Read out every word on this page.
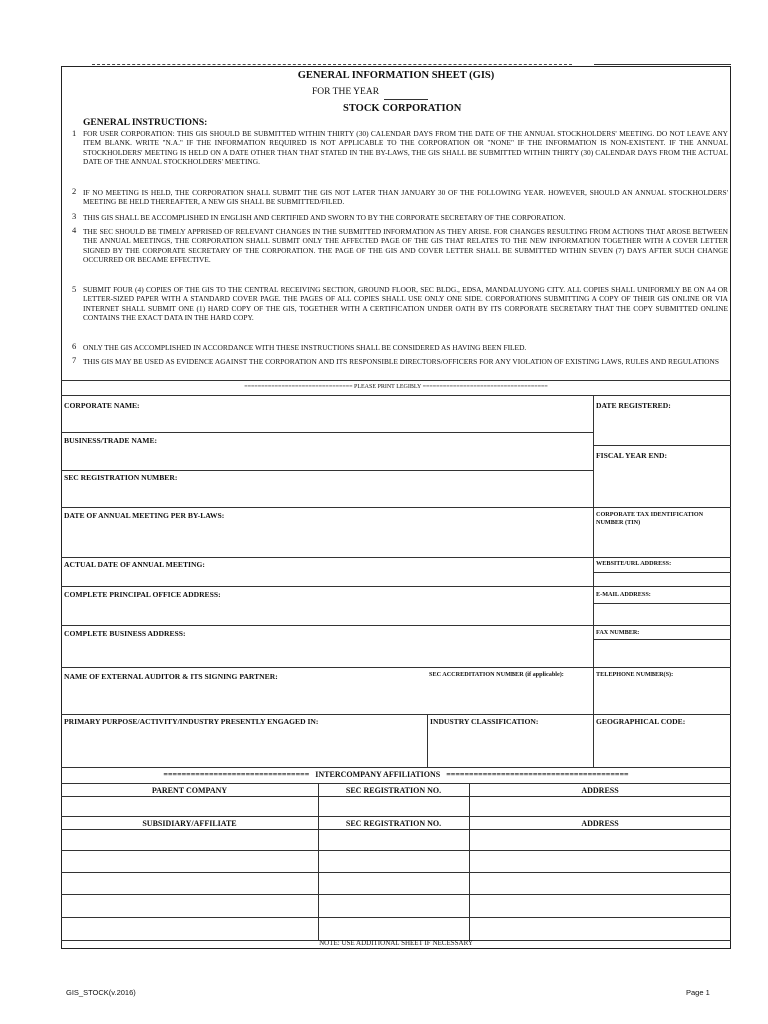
GENERAL INFORMATION SHEET (GIS)
FOR THE YEAR
STOCK CORPORATION
GENERAL INSTRUCTIONS:
1 FOR USER CORPORATION: THIS GIS SHOULD BE SUBMITTED WITHIN THIRTY (30) CALENDAR DAYS FROM THE DATE OF THE ANNUAL STOCKHOLDERS' MEETING. DO NOT LEAVE ANY ITEM BLANK. WRITE "N.A." IF THE INFORMATION REQUIRED IS NOT APPLICABLE TO THE CORPORATION OR "NONE" IF THE INFORMATION IS NON-EXISTENT. IF THE ANNUAL STOCKHOLDERS' MEETING IS HELD ON A DATE OTHER THAN THAT STATED IN THE BY-LAWS, THE GIS SHALL BE SUBMITTED WITHIN THIRTY (30) CALENDAR DAYS FROM THE ACTUAL DATE OF THE ANNUAL STOCKHOLDERS' MEETING.
2 IF NO MEETING IS HELD, THE CORPORATION SHALL SUBMIT THE GIS NOT LATER THAN JANUARY 30 OF THE FOLLOWING YEAR. HOWEVER, SHOULD AN ANNUAL STOCKHOLDERS' MEETING BE HELD THEREAFTER, A NEW GIS SHALL BE SUBMITTED/FILED.
3 THIS GIS SHALL BE ACCOMPLISHED IN ENGLISH AND CERTIFIED AND SWORN TO BY THE CORPORATE SECRETARY OF THE CORPORATION.
4 THE SEC SHOULD BE TIMELY APPRISED OF RELEVANT CHANGES IN THE SUBMITTED INFORMATION AS THEY ARISE. FOR CHANGES RESULTING FROM ACTIONS THAT AROSE BETWEEN THE ANNUAL MEETINGS, THE CORPORATION SHALL SUBMIT ONLY THE AFFECTED PAGE OF THE GIS THAT RELATES TO THE NEW INFORMATION TOGETHER WITH A COVER LETTER SIGNED BY THE CORPORATE SECRETARY OF THE CORPORATION. THE PAGE OF THE GIS AND COVER LETTER SHALL BE SUBMITTED WITHIN SEVEN (7) DAYS AFTER SUCH CHANGE OCCURRED OR BECAME EFFECTIVE.
5 SUBMIT FOUR (4) COPIES OF THE GIS TO THE CENTRAL RECEIVING SECTION, GROUND FLOOR, SEC BLDG., EDSA, MANDALUYONG CITY. ALL COPIES SHALL UNIFORMLY BE ON A4 OR LETTER-SIZED PAPER WITH A STANDARD COVER PAGE. THE PAGES OF ALL COPIES SHALL USE ONLY ONE SIDE. CORPORATIONS SUBMITTING A COPY OF THEIR GIS ONLINE OR VIA INTERNET SHALL SUBMIT ONE (1) HARD COPY OF THE GIS, TOGETHER WITH A CERTIFICATION UNDER OATH BY ITS CORPORATE SECRETARY THAT THE COPY SUBMITTED ONLINE CONTAINS THE EXACT DATA IN THE HARD COPY.
6 ONLY THE GIS ACCOMPLISHED IN ACCORDANCE WITH THESE INSTRUCTIONS SHALL BE CONSIDERED AS HAVING BEEN FILED.
7 THIS GIS MAY BE USED AS EVIDENCE AGAINST THE CORPORATION AND ITS RESPONSIBLE DIRECTORS/OFFICERS FOR ANY VIOLATION OF EXISTING LAWS, RULES AND REGULATIONS
================================ PLEASE PRINT LEGIBLY =====================================
CORPORATE NAME:	DATE REGISTERED:
BUSINESS/TRADE NAME:
FISCAL YEAR END:
SEC REGISTRATION NUMBER:
DATE OF ANNUAL MEETING PER BY-LAWS:	CORPORATE TAX IDENTIFICATION NUMBER (TIN)
ACTUAL DATE OF ANNUAL MEETING:	WEBSITE/URL ADDRESS:
COMPLETE PRINCIPAL OFFICE ADDRESS:	E-MAIL ADDRESS:
COMPLETE BUSINESS ADDRESS:	FAX NUMBER:
NAME OF EXTERNAL AUDITOR & ITS SIGNING PARTNER:	SEC ACCREDITATION NUMBER (if applicable):	TELEPHONE NUMBER(S):
PRIMARY PURPOSE/ACTIVITY/INDUSTRY PRESENTLY ENGAGED IN:	INDUSTRY CLASSIFICATION:	GEOGRAPHICAL CODE:
================================ INTERCOMPANY AFFILIATIONS ========================================
PARENT COMPANY	SEC REGISTRATION NO.	ADDRESS
SUBSIDIARY/AFFILIATE	SEC REGISTRATION NO.	ADDRESS
NOTE: USE ADDITIONAL SHEET IF NECESSARY
GIS_STOCK(v.2016)	Page 1
